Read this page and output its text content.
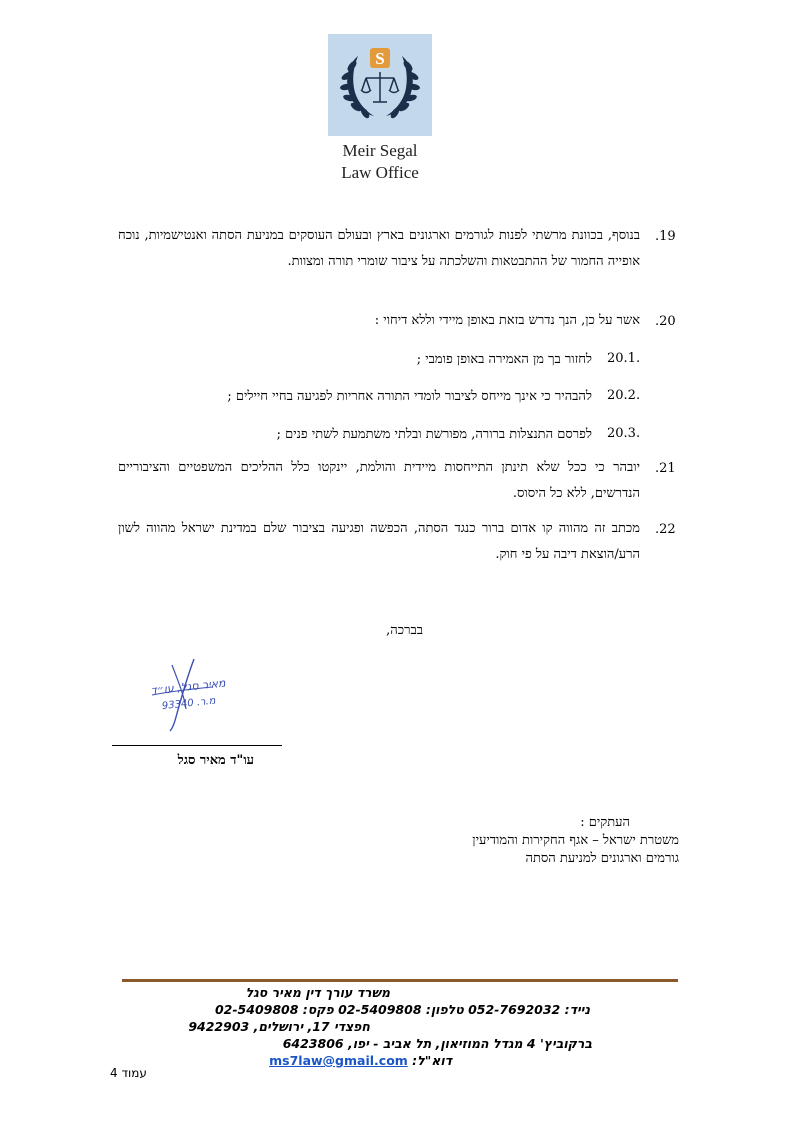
S
Meir Segal
Law Office
.19
בנוסף, בכוונת מרשתי לפנות לגורמים וארגונים בארץ ובעולם העוסקים במניעת הסתה ואנטישמיות, נוכח אופייה החמור של ההתבטאות והשלכתה על ציבור שומרי תורה ומצוות.
.20
אשר על כן, הנך נדרש בזאת באופן מיידי וללא דיחוי :
20.1.
לחזור בך מן האמירה באופן פומבי ;
20.2.
להבהיר כי אינך מייחס לציבור לומדי התורה אחריות לפגיעה בחיי חיילים ;
20.3.
לפרסם התנצלות ברורה, מפורשת ובלתי משתמעת לשתי פנים ;
.21
יובהר כי ככל שלא תינתן התייחסות מיידית והולמת, יינקטו כלל ההליכים המשפטיים והציבוריים הנדרשים, ללא כל היסוס.
.22
מכתב זה מהווה קו אדום ברור כנגד הסתה, הכפשה ופגיעה בציבור שלם במדינת ישראל מהווה לשון הרע/הוצאת דיבה על פי חוק.
בברכה,
מאיר סגל, עו״ד
מ.ר. 93340
עו"ד מאיר סגל
העתקים :
משטרת ישראל – אגף החקירות והמודיעין
גורמים וארגונים למניעת הסתה
משרד עורך דין מאיר סגל
נייד: 052-7692032 טלפון: 02-5409808 פקס: 02-5409808
חפצדי 17, ירושלים, 9422903
ברקוביץ' 4 מגדל המוזיאון, תל אביב - יפו, 6423806
דוא"ל: ms7law@gmail.com
עמוד 4
